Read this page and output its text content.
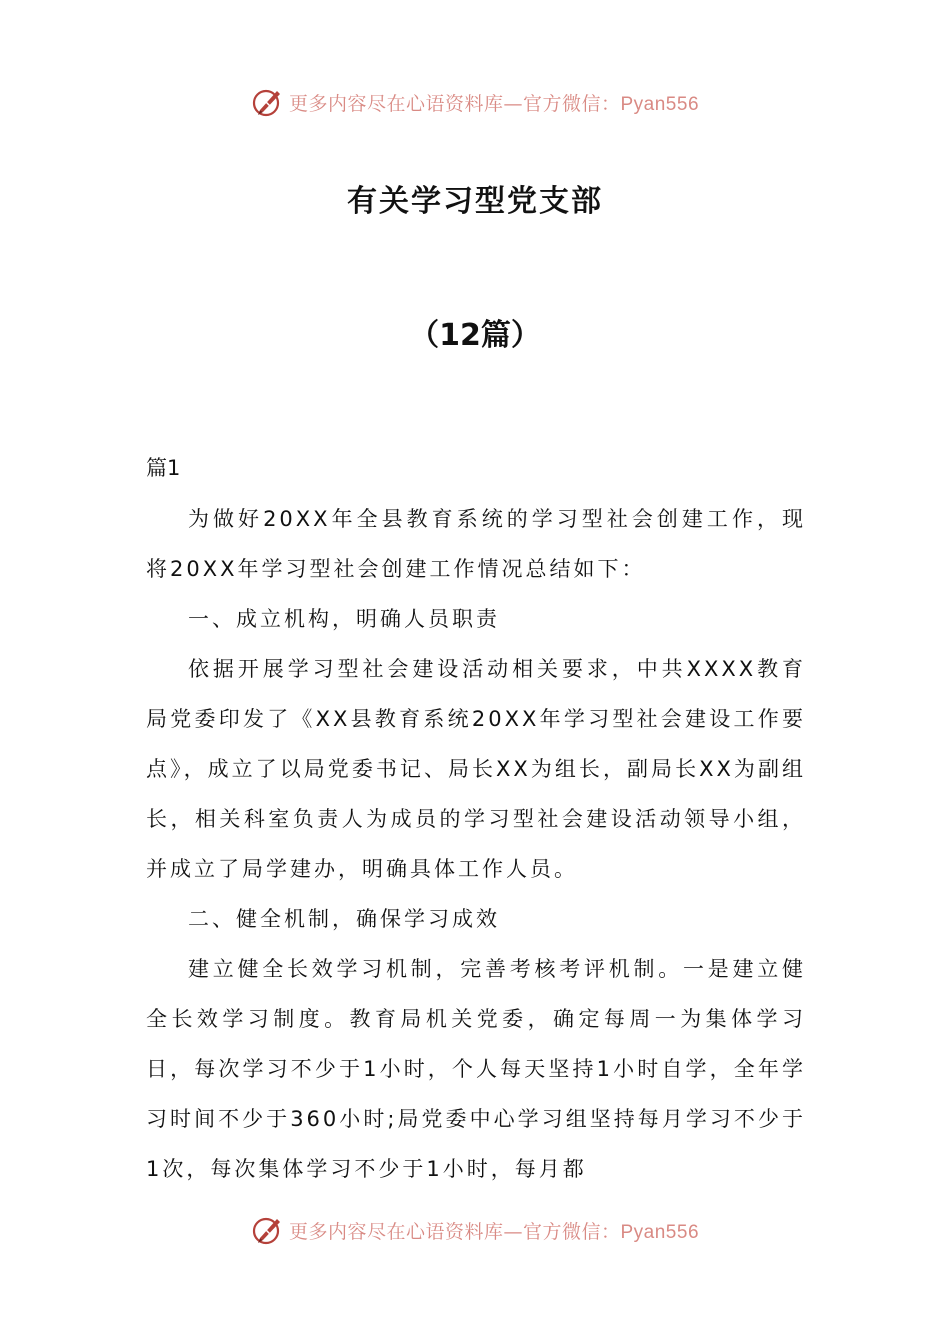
更多内容尽在心语资料库—官方微信：Pyan556
有关学习型党支部
（12篇）
篇1

为做好20XX年全县教育系统的学习型社会创建工作，现将20XX年学习型社会创建工作情况总结如下：

一、成立机构，明确人员职责

依据开展学习型社会建设活动相关要求，中共XXXX教育局党委印发了《XX县教育系统20XX年学习型社会建设工作要点》，成立了以局党委书记、局长XX为组长，副局长XX为副组长，相关科室负责人为成员的学习型社会建设活动领导小组，并成立了局学建办，明确具体工作人员。

二、健全机制，确保学习成效

建立健全长效学习机制，完善考核考评机制。一是建立健全长效学习制度。教育局机关党委，确定每周一为集体学习日，每次学习不少于1小时，个人每天坚持1小时自学，全年学习时间不少于360小时;局党委中心学习组坚持每月学习不少于1次，每次集体学习不少于1小时，每月都

更多内容尽在心语资料库—官方微信：Pyan556
